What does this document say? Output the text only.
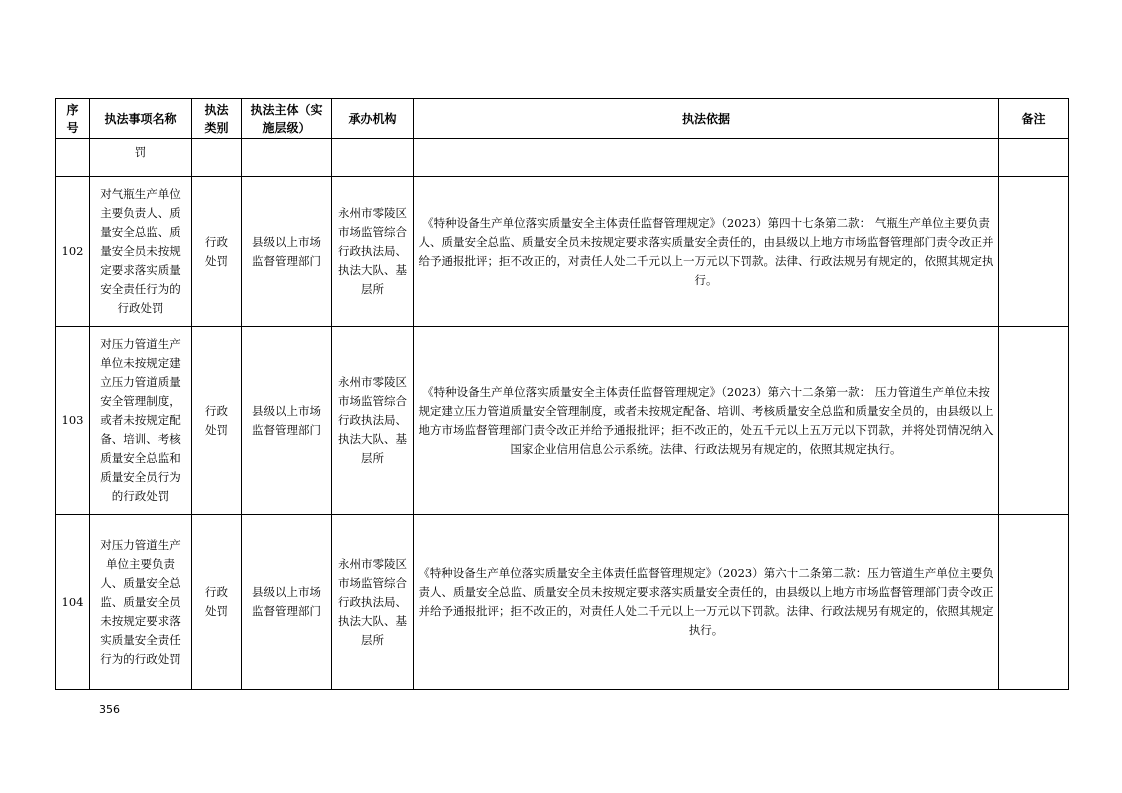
序号	执法事项名称	执法类别	执法主体（实施层级）	承办机构	执法依据	备注
	罚					
102	对气瓶生产单位主要负责人、质量安全总监、质量安全员未按规定要求落实质量安全责任行为的行政处罚	行政处罚	县级以上市场监督管理部门	永州市零陵区市场监管综合行政执法局、执法大队、基层所	《特种设备生产单位落实质量安全主体责任监督管理规定》（2023）第四十七条第二款： 气瓶生产单位主要负责人、质量安全总监、质量安全员未按规定要求落实质量安全责任的，由县级以上地方市场监督管理部门责令改正并给予通报批评；拒不改正的，对责任人处二千元以上一万元以下罚款。法律、行政法规另有规定的，依照其规定执行。	
103	对压力管道生产单位未按规定建立压力管道质量安全管理制度，或者未按规定配备、培训、考核质量安全总监和质量安全员行为的行政处罚	行政处罚	县级以上市场监督管理部门	永州市零陵区市场监管综合行政执法局、执法大队、基层所	《特种设备生产单位落实质量安全主体责任监督管理规定》（2023）第六十二条第一款： 压力管道生产单位未按规定建立压力管道质量安全管理制度，或者未按规定配备、培训、考核质量安全总监和质量安全员的，由县级以上地方市场监督管理部门责令改正并给予通报批评；拒不改正的，处五千元以上五万元以下罚款，并将处罚情况纳入国家企业信用信息公示系统。法律、行政法规另有规定的，依照其规定执行。	
104	对压力管道生产单位主要负责人、质量安全总监、质量安全员未按规定要求落实质量安全责任行为的行政处罚	行政处罚	县级以上市场监督管理部门	永州市零陵区市场监管综合行政执法局、执法大队、基层所	《特种设备生产单位落实质量安全主体责任监督管理规定》（2023）第六十二条第二款：压力管道生产单位主要负责人、质量安全总监、质量安全员未按规定要求落实质量安全责任的，由县级以上地方市场监督管理部门责令改正并给予通报批评；拒不改正的，对责任人处二千元以上一万元以下罚款。法律、行政法规另有规定的，依照其规定执行。	
356
